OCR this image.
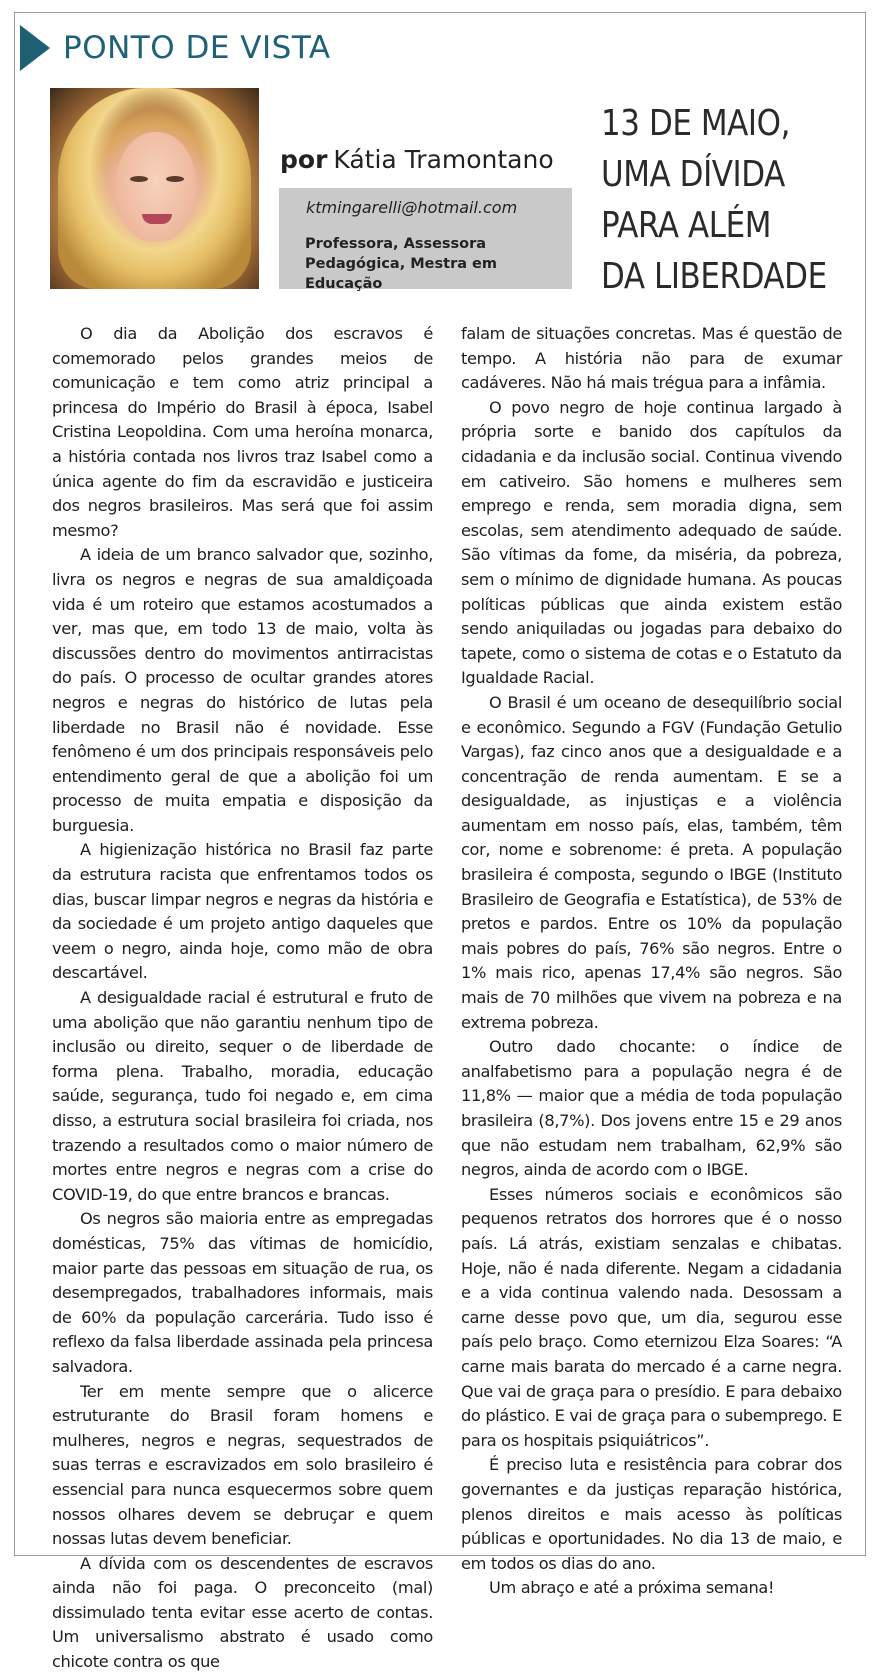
PONTO DE VISTA
por Kátia Tramontano
ktmingarelli@hotmail.com
Professora, Assessora Pedagógica, Mestra em Educação
13 DE MAIO,
UMA DÍVIDA
PARA ALÉM
DA LIBERDADE

O dia da Abolição dos escravos é comemorado pelos grandes meios de comunicação e tem como atriz principal a princesa do Império do Brasil à época, Isabel Cristina Leopoldina. Com uma heroína monarca, a história contada nos livros traz Isabel como a única agente do fim da escravidão e justiceira dos negros brasileiros. Mas será que foi assim mesmo?

A ideia de um branco salvador que, sozinho, livra os negros e negras de sua amaldiçoada vida é um roteiro que estamos acostumados a ver, mas que, em todo 13 de maio, volta às discussões dentro do movimentos antirracistas do país. O processo de ocultar grandes atores negros e negras do histórico de lutas pela liberdade no Brasil não é novidade. Esse fenômeno é um dos principais responsáveis pelo entendimento geral de que a abolição foi um processo de muita empatia e disposição da burguesia.

A higienização histórica no Brasil faz parte da estrutura racista que enfrentamos todos os dias, buscar limpar negros e negras da história e da sociedade é um projeto antigo daqueles que veem o negro, ainda hoje, como mão de obra descartável.

A desigualdade racial é estrutural e fruto de uma abolição que não garantiu nenhum tipo de inclusão ou direito, sequer o de liberdade de forma plena. Trabalho, moradia, educação saúde, segurança, tudo foi negado e, em cima disso, a estrutura social brasileira foi criada, nos trazendo a resultados como o maior número de mortes entre negros e negras com a crise do COVID-19, do que entre brancos e brancas.

Os negros são maioria entre as empregadas domésticas, 75% das vítimas de homicídio, maior parte das pessoas em situação de rua, os desempregados, trabalhadores informais, mais de 60% da população carcerária. Tudo isso é reflexo da falsa liberdade assinada pela princesa salvadora.

Ter em mente sempre que o alicerce estruturante do Brasil foram homens e mulheres, negros e negras, sequestrados de suas terras e escravizados em solo brasileiro é essencial para nunca esquecermos sobre quem nossos olhares devem se debruçar e quem nossas lutas devem beneficiar.

A dívida com os descendentes de escravos ainda não foi paga. O preconceito (mal) dissimulado tenta evitar esse acerto de contas. Um universalismo abstrato é usado como chicote contra os que

falam de situações concretas. Mas é questão de tempo. A história não para de exumar cadáveres. Não há mais trégua para a infâmia.

O povo negro de hoje continua largado à própria sorte e banido dos capítulos da cidadania e da inclusão social. Continua vivendo em cativeiro. São homens e mulheres sem emprego e renda, sem moradia digna, sem escolas, sem atendimento adequado de saúde. São vítimas da fome, da miséria, da pobreza, sem o mínimo de dignidade humana. As poucas políticas públicas que ainda existem estão sendo aniquiladas ou jogadas para debaixo do tapete, como o sistema de cotas e o Estatuto da Igualdade Racial.

O Brasil é um oceano de desequilíbrio social e econômico. Segundo a FGV (Fundação Getulio Vargas), faz cinco anos que a desigualdade e a concentração de renda aumentam. E se a desigualdade, as injustiças e a violência aumentam em nosso país, elas, também, têm cor, nome e sobrenome: é preta. A população brasileira é composta, segundo o IBGE (Instituto Brasileiro de Geografia e Estatística), de 53% de pretos e pardos. Entre os 10% da população mais pobres do país, 76% são negros. Entre o 1% mais rico, apenas 17,4% são negros. São mais de 70 milhões que vivem na pobreza e na extrema pobreza.

Outro dado chocante: o índice de analfabetismo para a população negra é de 11,8% — maior que a média de toda população brasileira (8,7%). Dos jovens entre 15 e 29 anos que não estudam nem trabalham, 62,9% são negros, ainda de acordo com o IBGE.

Esses números sociais e econômicos são pequenos retratos dos horrores que é o nosso país. Lá atrás, existiam senzalas e chibatas. Hoje, não é nada diferente. Negam a cidadania e a vida continua valendo nada. Desossam a carne desse povo que, um dia, segurou esse país pelo braço. Como eternizou Elza Soares: “A carne mais barata do mercado é a carne negra. Que vai de graça para o presídio. E para debaixo do plástico. E vai de graça para o subemprego. E para os hospitais psiquiátricos”.

É preciso luta e resistência para cobrar dos governantes e da justiças reparação histórica, plenos direitos e mais acesso às políticas públicas e oportunidades. No dia 13 de maio, e em todos os dias do ano.

Um abraço e até a próxima semana!
